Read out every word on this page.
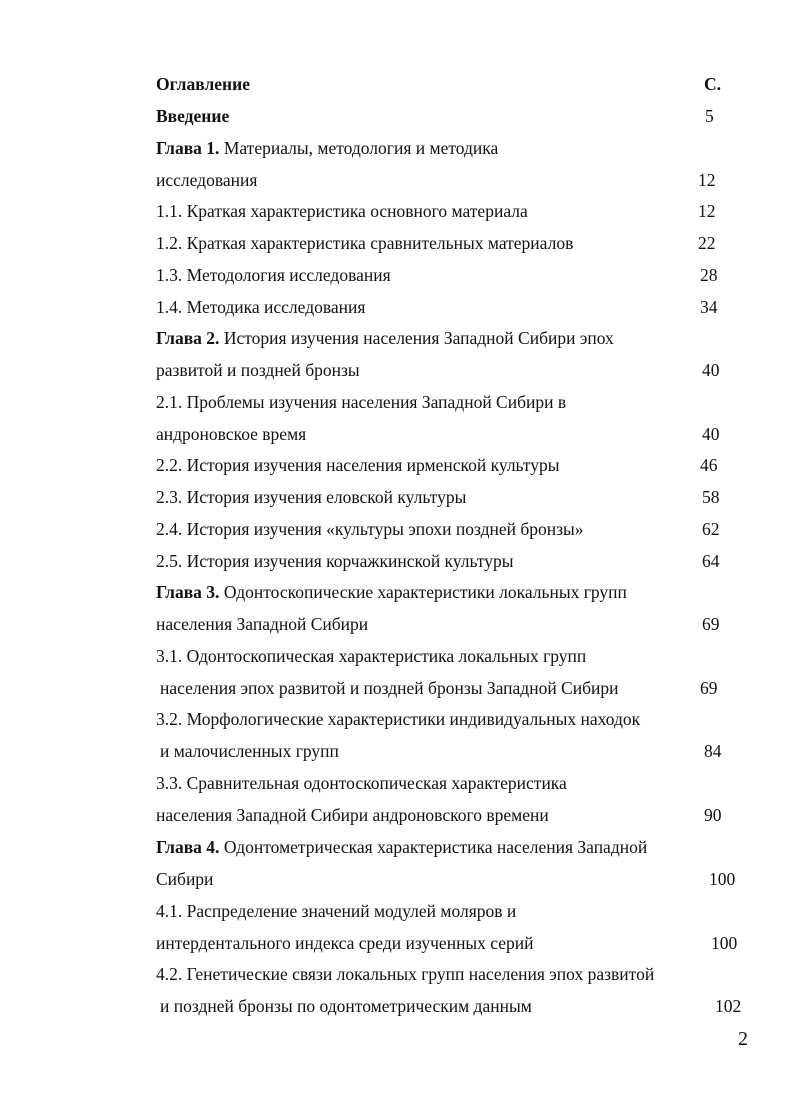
Оглавление	С.
Введение	5
Глава 1. Материалы, методология и методика
исследования	12
1.1. Краткая характеристика основного материала	12
1.2. Краткая характеристика сравнительных материалов	22
1.3. Методология исследования	28
1.4. Методика исследования	34
Глава 2. История изучения населения Западной Сибири эпох
развитой и поздней бронзы	40
2.1. Проблемы изучения населения Западной Сибири в
андроновское время	40
2.2. История изучения населения ирменской культуры	46
2.3. История изучения еловской культуры	58
2.4. История изучения «культуры эпохи поздней бронзы»	62
2.5. История изучения корчажкинской культуры	64
Глава 3. Одонтоскопические характеристики локальных групп
населения Западной Сибири	69
3.1. Одонтоскопическая характеристика локальных групп
населения эпох развитой и поздней бронзы Западной Сибири	69
3.2. Морфологические характеристики индивидуальных находок
и малочисленных групп	84
3.3. Сравнительная одонтоскопическая характеристика
населения Западной Сибири андроновского времени	90
Глава 4. Одонтометрическая характеристика населения Западной
Сибири	100
4.1. Распределение значений модулей моляров и
интердентального индекса среди изученных серий	100
4.2. Генетические связи локальных групп населения эпох развитой
и поздней бронзы по одонтометрическим данным	102
2
